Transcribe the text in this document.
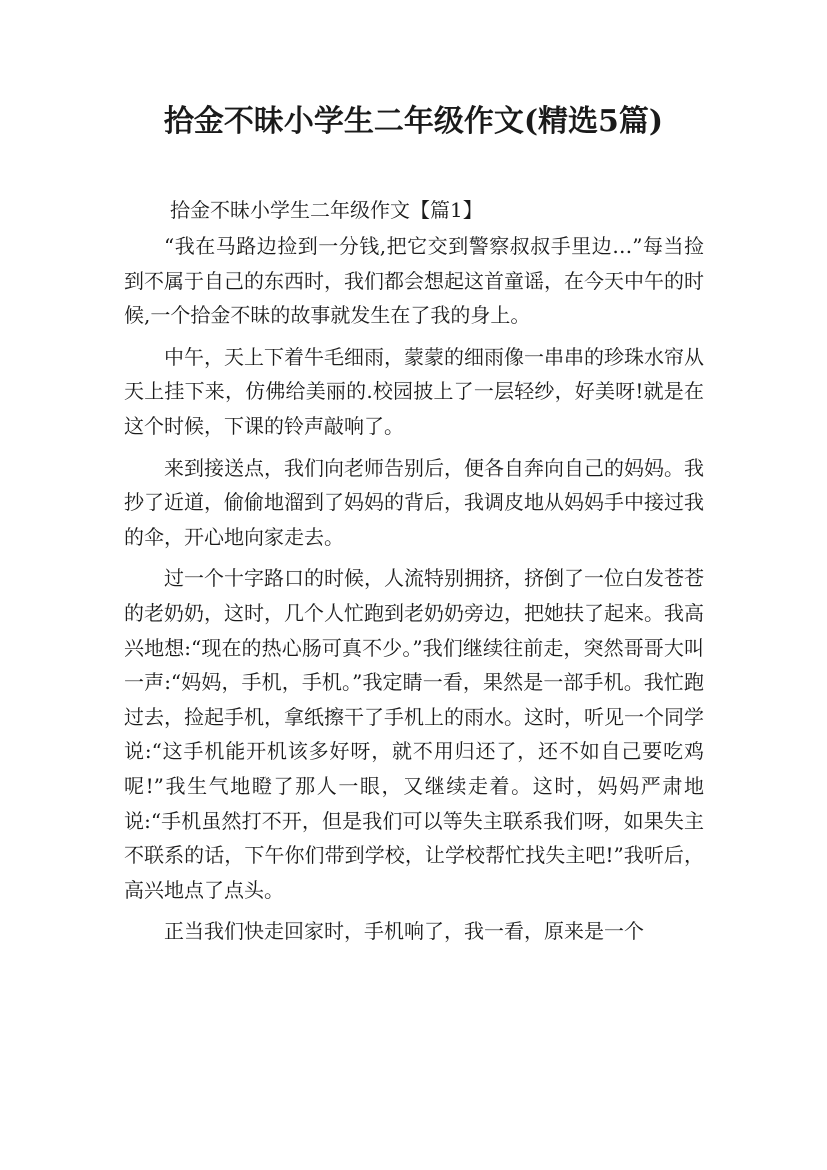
拾金不昧小学生二年级作文(精选5篇)
拾金不昧小学生二年级作文【篇1】

“我在马路边捡到一分钱,把它交到警察叔叔手里边…”每当捡到不属于自己的东西时，我们都会想起这首童谣，在今天中午的时候,一个拾金不昧的故事就发生在了我的身上。

中午，天上下着牛毛细雨，蒙蒙的细雨像一串串的珍珠水帘从天上挂下来，仿佛给美丽的.校园披上了一层轻纱，好美呀!就是在这个时候，下课的铃声敲响了。

来到接送点，我们向老师告别后，便各自奔向自己的妈妈。我抄了近道，偷偷地溜到了妈妈的背后，我调皮地从妈妈手中接过我的伞，开心地向家走去。

过一个十字路口的时候，人流特别拥挤，挤倒了一位白发苍苍的老奶奶，这时，几个人忙跑到老奶奶旁边，把她扶了起来。我高兴地想:“现在的热心肠可真不少。”我们继续往前走，突然哥哥大叫一声:“妈妈，手机，手机。”我定睛一看，果然是一部手机。我忙跑过去，捡起手机，拿纸擦干了手机上的雨水。这时，听见一个同学说:“这手机能开机该多好呀，就不用归还了，还不如自己要吃鸡呢!”我生气地瞪了那人一眼，又继续走着。这时，妈妈严肃地说:“手机虽然打不开，但是我们可以等失主联系我们呀，如果失主不联系的话，下午你们带到学校，让学校帮忙找失主吧!”我听后，高兴地点了点头。

正当我们快走回家时，手机响了，我一看，原来是一个
